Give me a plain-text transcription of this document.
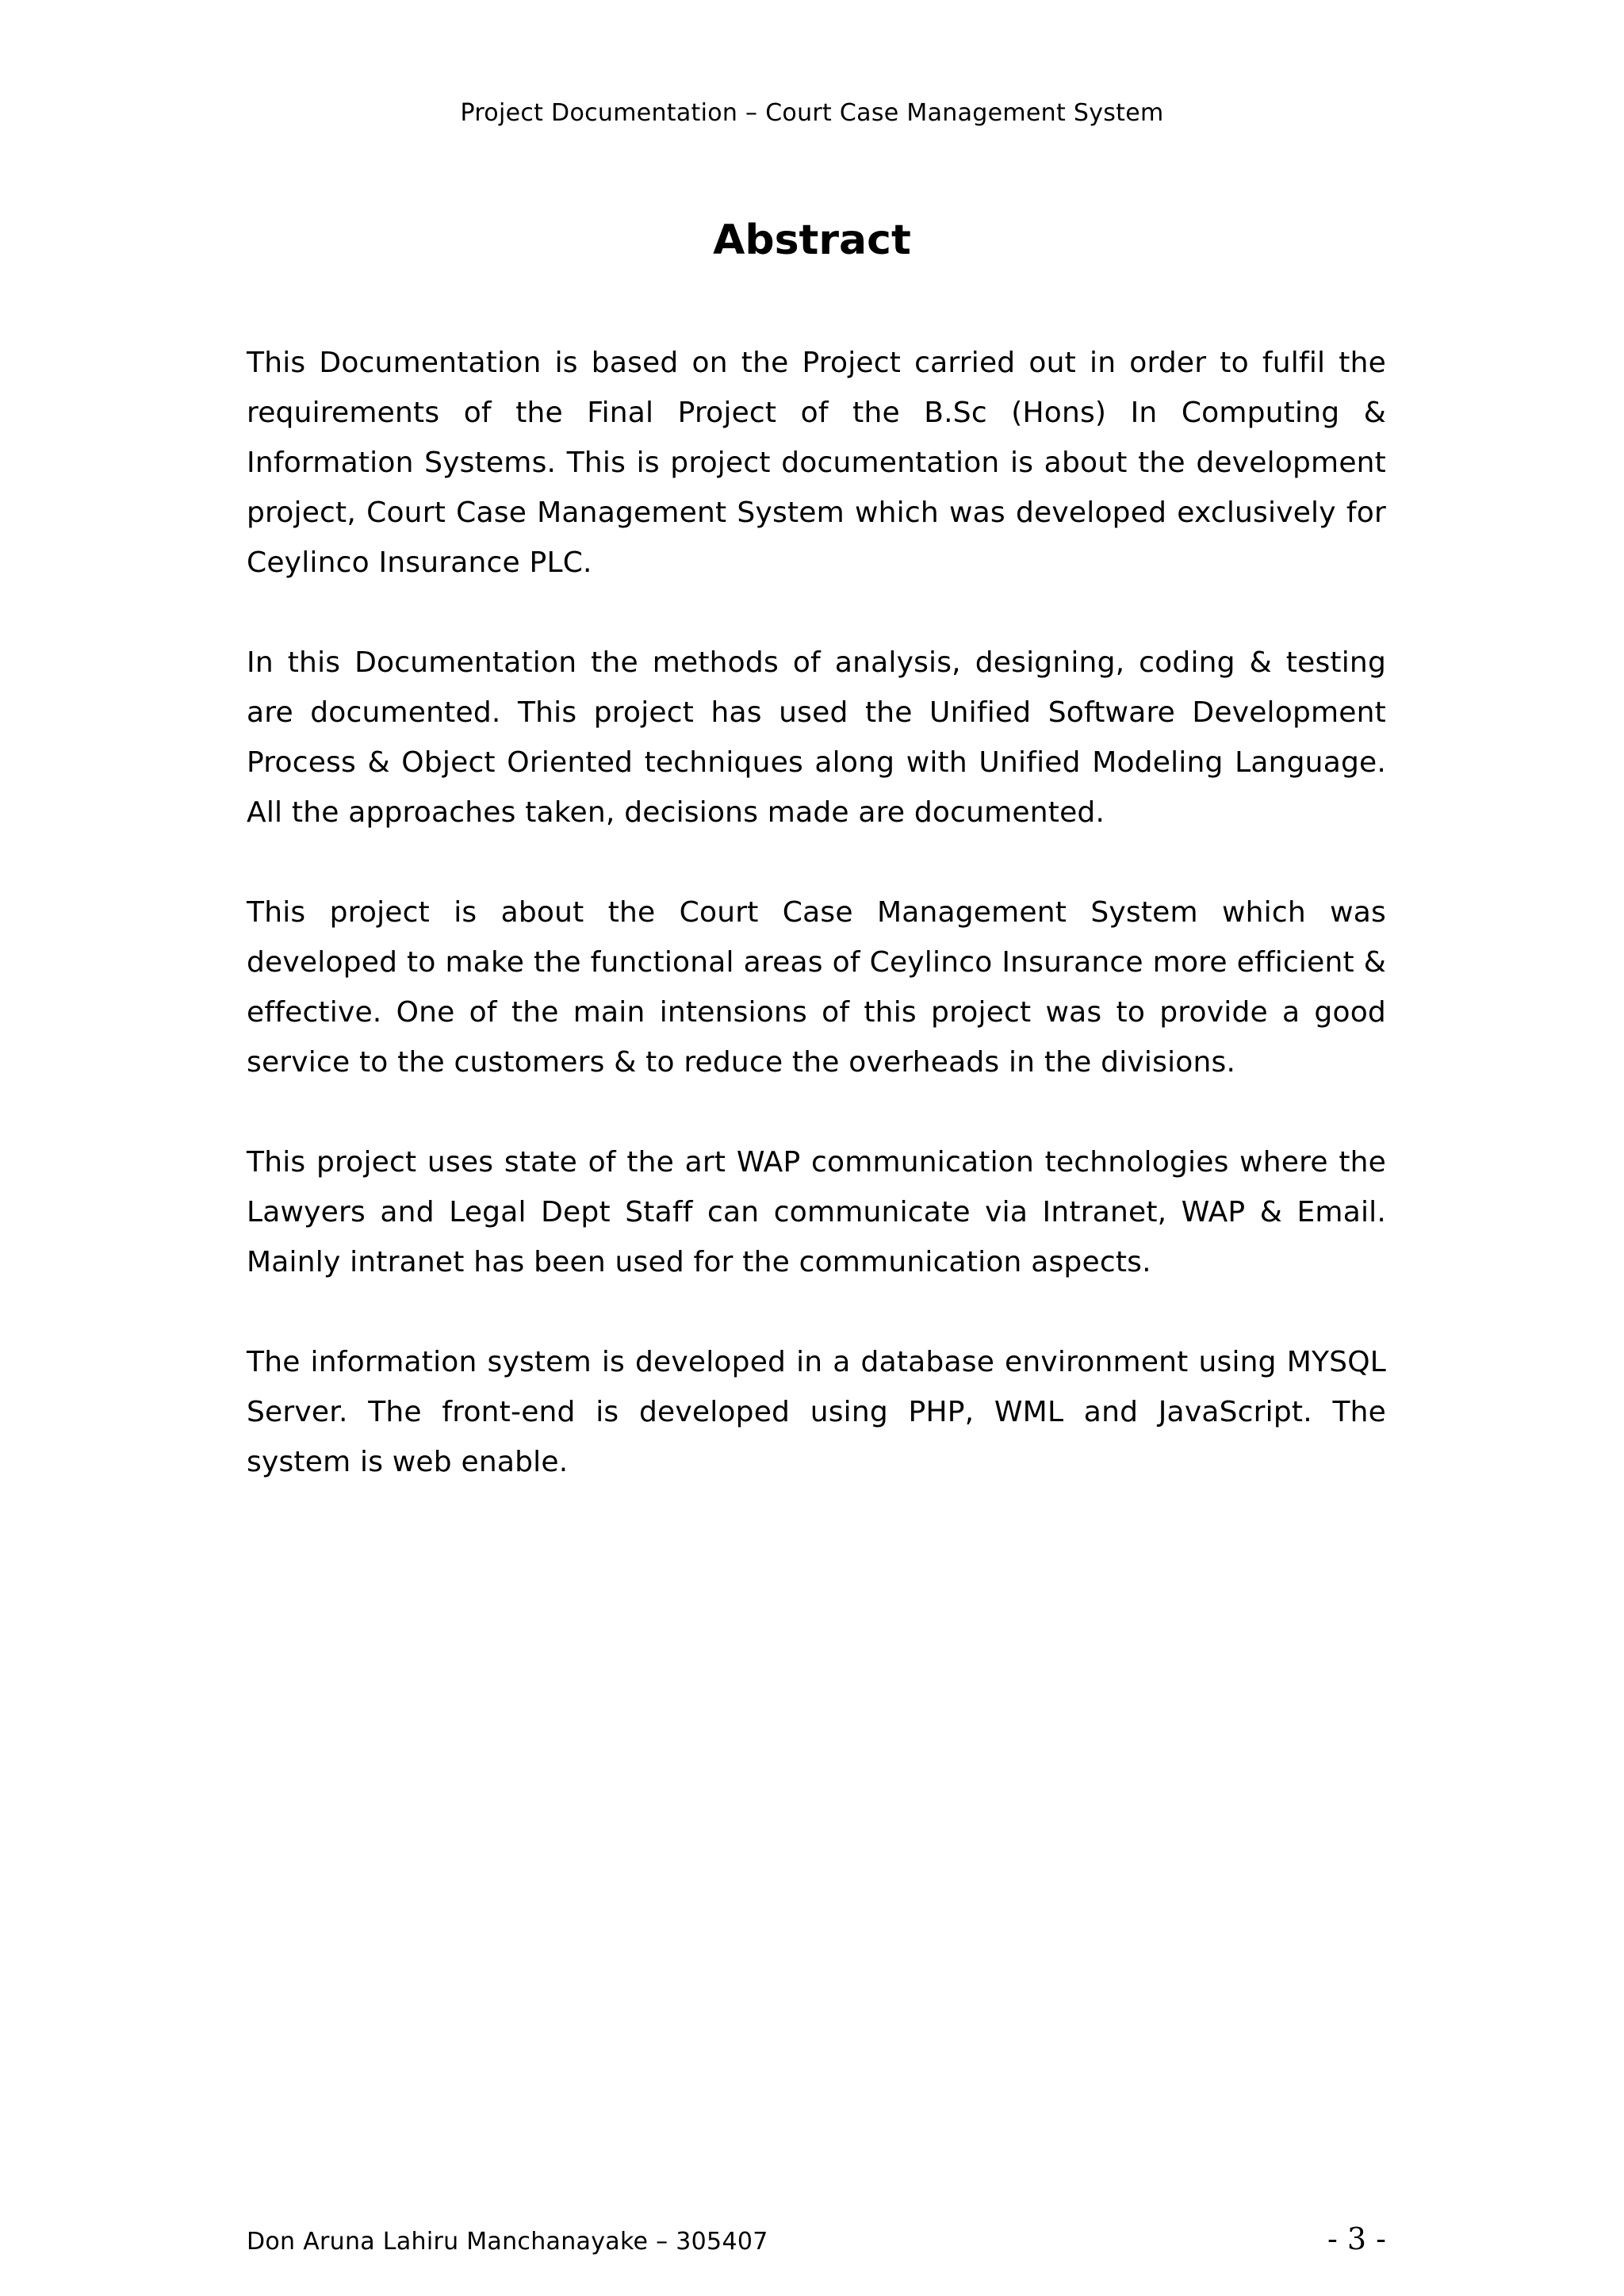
Project Documentation – Court Case Management System
Abstract

This Documentation is based on the Project carried out in order to fulfil the requirements of the Final Project of the B.Sc (Hons) In Computing & Information Systems. This is project documentation is about the development project, Court Case Management System which was developed exclusively for Ceylinco Insurance PLC.

In this Documentation the methods of analysis, designing, coding & testing are documented. This project has used the Unified Software Development Process & Object Oriented techniques along with Unified Modeling Language. All the approaches taken, decisions made are documented.

This project is about the Court Case Management System which was developed to make the functional areas of Ceylinco Insurance more efficient & effective. One of the main intensions of this project was to provide a good service to the customers & to reduce the overheads in the divisions.

This project uses state of the art WAP communication technologies where the Lawyers and Legal Dept Staff can communicate via Intranet, WAP & Email. Mainly intranet has been used for the communication aspects.

The information system is developed in a database environment using MYSQL Server. The front-end is developed using PHP, WML and JavaScript. The system is web enable.

Don Aruna Lahiru Manchanayake – 305407	- 3 -
